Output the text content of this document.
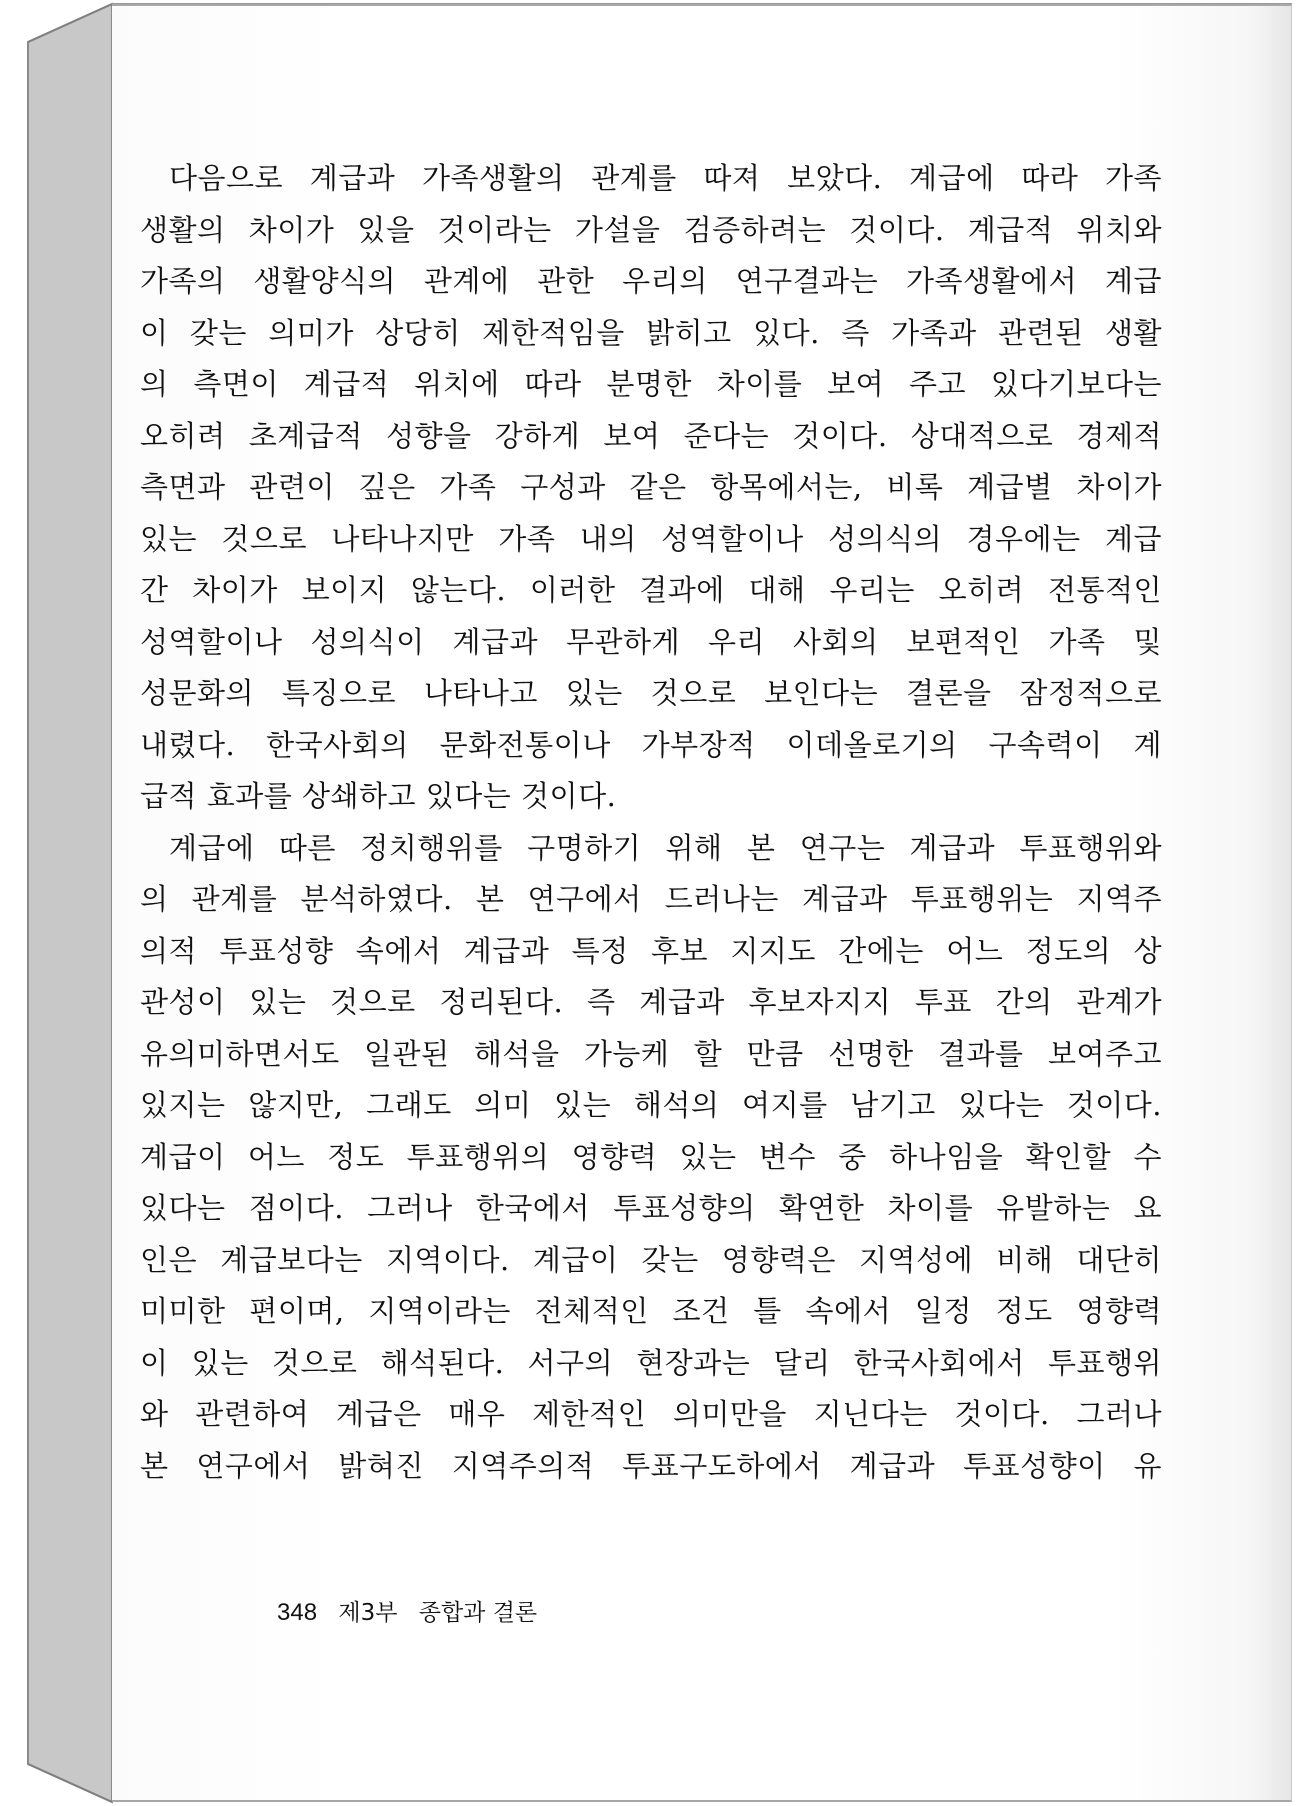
다음으로 계급과 가족생활의 관계를 따져 보았다. 계급에 따라 가족
생활의 차이가 있을 것이라는 가설을 검증하려는 것이다. 계급적 위치와
가족의 생활양식의 관계에 관한 우리의 연구결과는 가족생활에서 계급
이 갖는 의미가 상당히 제한적임을 밝히고 있다. 즉 가족과 관련된 생활
의 측면이 계급적 위치에 따라 분명한 차이를 보여 주고 있다기보다는
오히려 초계급적 성향을 강하게 보여 준다는 것이다. 상대적으로 경제적
측면과 관련이 깊은 가족 구성과 같은 항목에서는, 비록 계급별 차이가
있는 것으로 나타나지만 가족 내의 성역할이나 성의식의 경우에는 계급
간 차이가 보이지 않는다. 이러한 결과에 대해 우리는 오히려 전통적인
성역할이나 성의식이 계급과 무관하게 우리 사회의 보편적인 가족 및
성문화의 특징으로 나타나고 있는 것으로 보인다는 결론을 잠정적으로
내렸다. 한국사회의 문화전통이나 가부장적 이데올로기의 구속력이 계
급적 효과를 상쇄하고 있다는 것이다.

계급에 따른 정치행위를 구명하기 위해 본 연구는 계급과 투표행위와
의 관계를 분석하였다. 본 연구에서 드러나는 계급과 투표행위는 지역주
의적 투표성향 속에서 계급과 특정 후보 지지도 간에는 어느 정도의 상
관성이 있는 것으로 정리된다. 즉 계급과 후보자지지 투표 간의 관계가
유의미하면서도 일관된 해석을 가능케 할 만큼 선명한 결과를 보여주고
있지는 않지만, 그래도 의미 있는 해석의 여지를 남기고 있다는 것이다.
계급이 어느 정도 투표행위의 영향력 있는 변수 중 하나임을 확인할 수
있다는 점이다. 그러나 한국에서 투표성향의 확연한 차이를 유발하는 요
인은 계급보다는 지역이다. 계급이 갖는 영향력은 지역성에 비해 대단히
미미한 편이며, 지역이라는 전체적인 조건 틀 속에서 일정 정도 영향력
이 있는 것으로 해석된다. 서구의 현장과는 달리 한국사회에서 투표행위
와 관련하여 계급은 매우 제한적인 의미만을 지닌다는 것이다. 그러나
본 연구에서 밝혀진 지역주의적 투표구도하에서 계급과 투표성향이 유

348 제3부 종합과 결론
